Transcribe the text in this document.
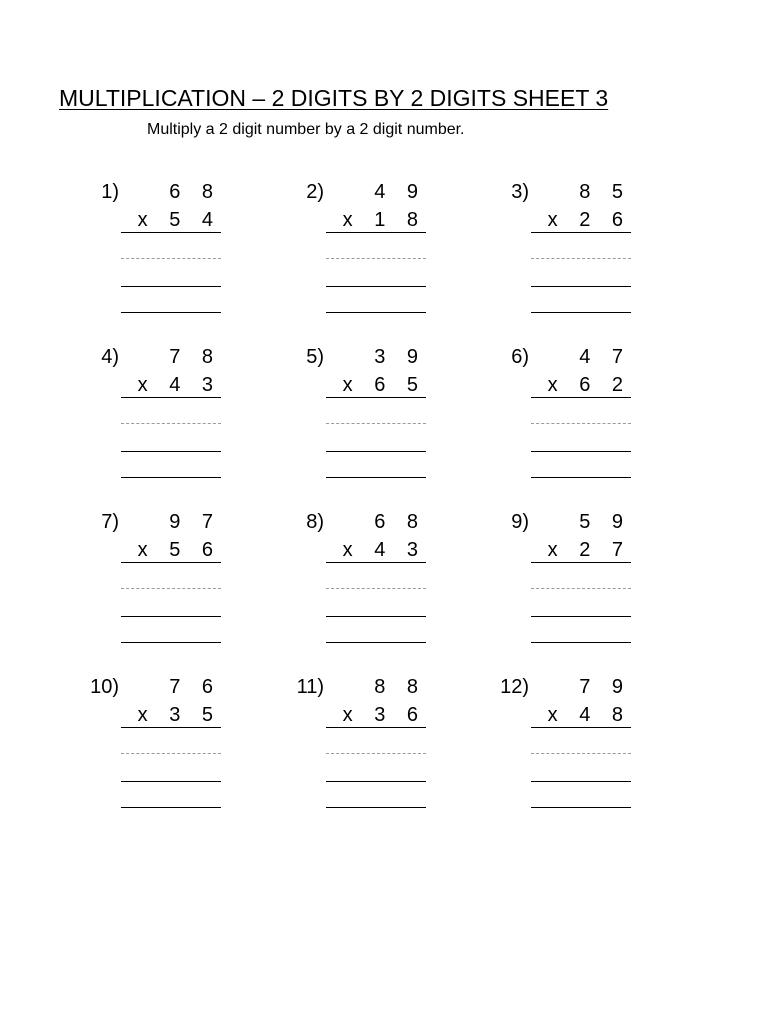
MULTIPLICATION – 2 DIGITS BY 2 DIGITS SHEET 3
Multiply a 2 digit number by a 2 digit number.
1)	6 8
x 5 4
2)	4 9
x 1 8
3)	8 5
x 2 6
4)	7 8
x 4 3
5)	3 9
x 6 5
6)	4 7
x 6 2
7)	9 7
x 5 6
8)	6 8
x 4 3
9)	5 9
x 2 7
10)	7 6
x 3 5
11)	8 8
x 3 6
12)	7 9
x 4 8
